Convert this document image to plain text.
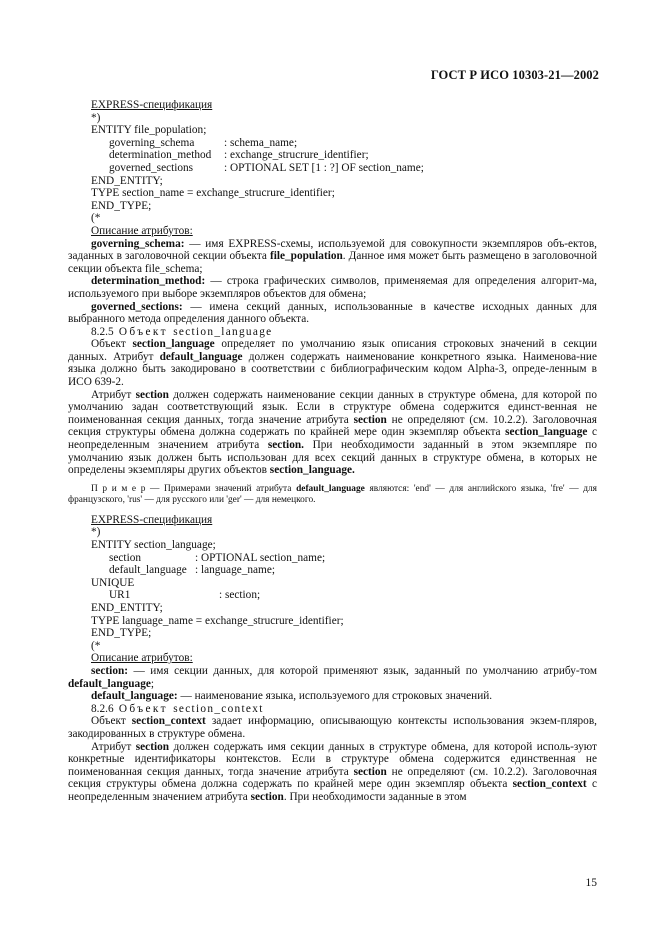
ГОСТ Р ИСО 10303-21—2002
EXPRESS-спецификация
*)
ENTITY file_population;
governing_schema	: schema_name;
determination_method : exchange_strucrure_identifier;
governed_sections	: OPTIONAL SET [1 : ?] OF section_name;
END_ENTITY;
TYPE section_name = exchange_strucrure_identifier;
END_TYPE;
(*
Описание атрибутов:

governing_schema: — имя EXPRESS-схемы, используемой для совокупности экземпляров объ-ектов, заданных в заголовочной секции объекта file_population. Данное имя может быть размещено в заголовочной секции объекта file_schema;

determination_method: — строка графических символов, применяемая для определения алгорит-ма, используемого при выборе экземпляров объектов для обмена;

governed_sections: — имена секций данных, использованные в качестве исходных данных для выбранного метода определения данного объекта.

8.2.5 Объект section_language

Объект section_language определяет по умолчанию язык описания строковых значений в секции данных. Атрибут default_language должен содержать наименование конкретного языка. Наименова-ние языка должно быть закодировано в соответствии с библиографическим кодом Alpha-3, опреде-ленным в ИСО 639-2.

Атрибут section должен содержать наименование секции данных в структуре обмена, для которой по умолчанию задан соответствующий язык. Если в структуре обмена содержится единст-венная не поименованная секция данных, тогда значение атрибута section не определяют (см. 10.2.2). Заголовочная секция структуры обмена должна содержать по крайней мере один экземпляр объекта section_language с неопределенным значением атрибута section. При необходимости заданный в этом экземпляре по умолчанию язык должен быть использован для всех секций данных в структуре обмена, в которых не определены экземпляры других объектов section_language.

П р и м е р — Примерами значений атрибута default_language являются: 'end' — для английского языка, 'fre' — для французского, 'rus' — для русского или 'ger' — для немецкого.

EXPRESS-спецификация
*)
ENTITY section_language;
section	: OPTIONAL section_name;
default_language : language_name;
UNIQUE
UR1	: section;
END_ENTITY;
TYPE language_name = exchange_strucrure_identifier;
END_TYPE;
(*
Описание атрибутов:

section: — имя секции данных, для которой применяют язык, заданный по умолчанию атрибу-том default_language;

default_language: — наименование языка, используемого для строковых значений.

8.2.6 Объект section_context

Объект section_context задает информацию, описывающую контексты использования экзем-пляров, закодированных в структуре обмена.

Атрибут section должен содержать имя секции данных в структуре обмена, для которой исполь-зуют конкретные идентификаторы контекстов. Если в структуре обмена содержится единственная не поименованная секция данных, тогда значение атрибута section не определяют (см. 10.2.2). Заголовочная секция структуры обмена должна содержать по крайней мере один экземпляр объекта section_context с неопределенным значением атрибута section. При необходимости заданные в этом

15
